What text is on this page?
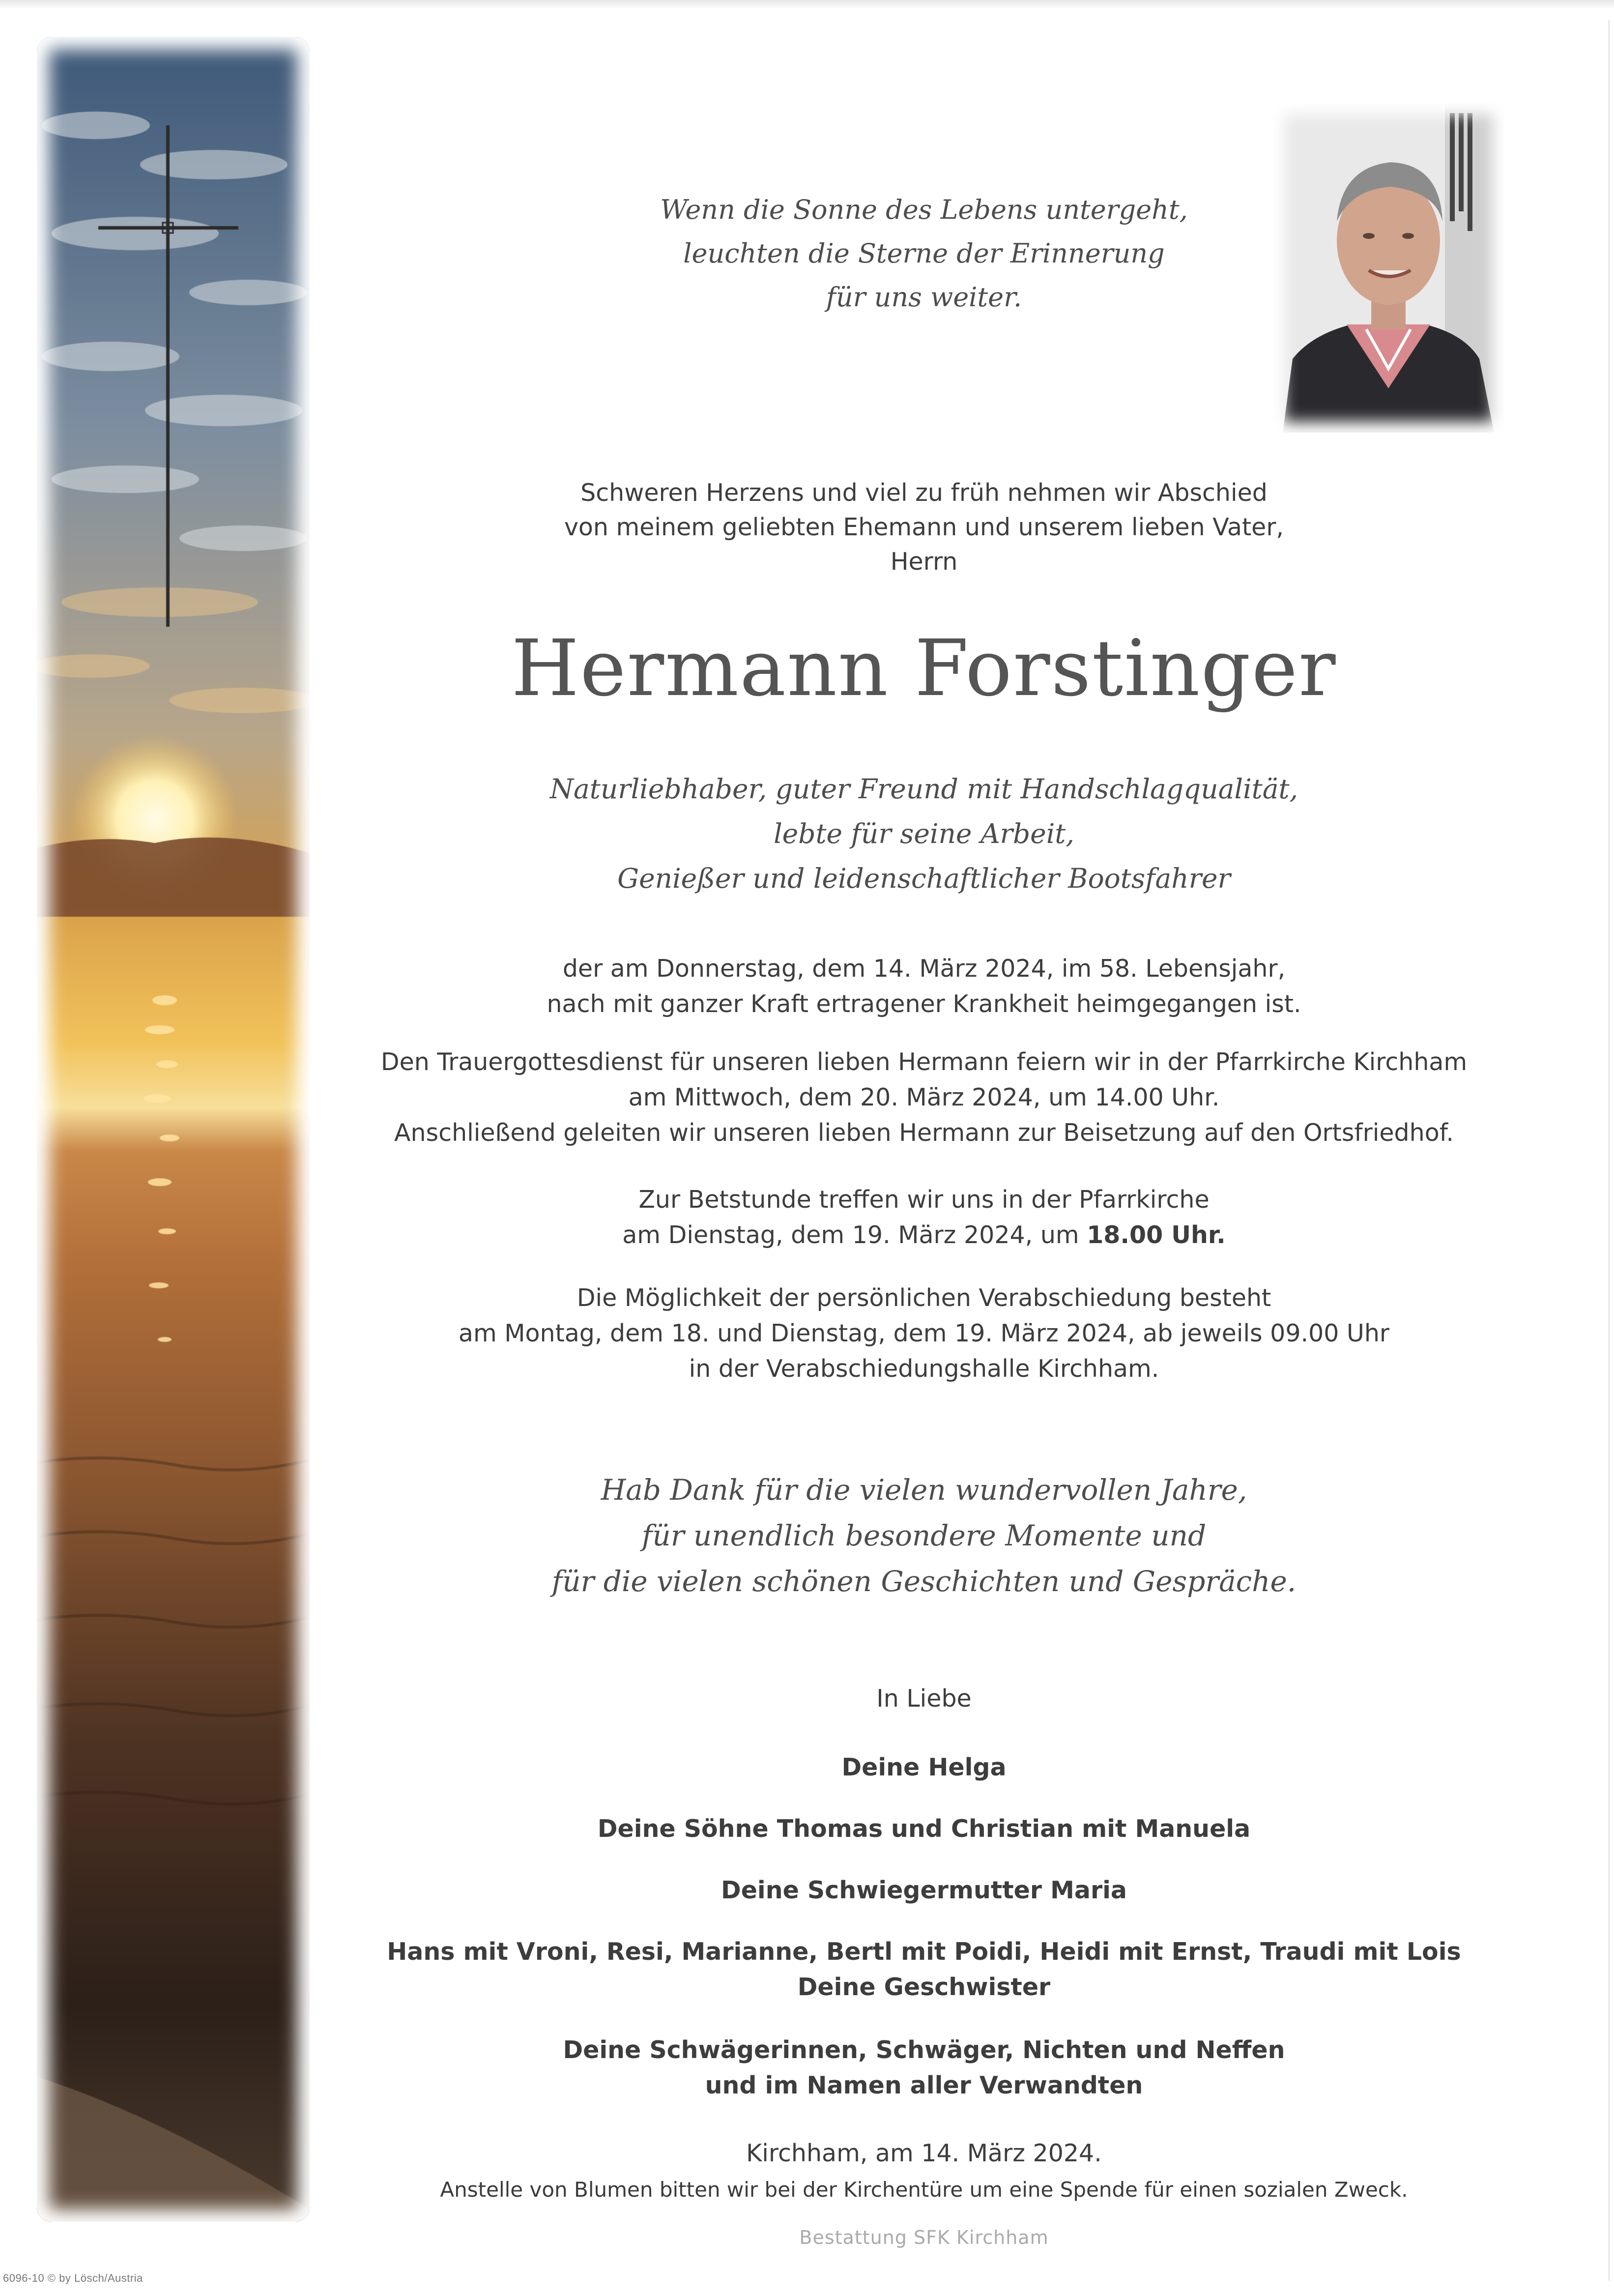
Wenn die Sonne des Lebens untergeht,
leuchten die Sterne der Erinnerung
für uns weiter.
Schweren Herzens und viel zu früh nehmen wir Abschied
von meinem geliebten Ehemann und unserem lieben Vater,
Herrn
Hermann Forstinger
Naturliebhaber, guter Freund mit Handschlagqualität,
lebte für seine Arbeit,
Genießer und leidenschaftlicher Bootsfahrer
der am Donnerstag, dem 14. März 2024, im 58. Lebensjahr,
nach mit ganzer Kraft ertragener Krankheit heimgegangen ist.
Den Trauergottesdienst für unseren lieben Hermann feiern wir in der Pfarrkirche Kirchham
am Mittwoch, dem 20. März 2024, um 14.00 Uhr.
Anschließend geleiten wir unseren lieben Hermann zur Beisetzung auf den Ortsfriedhof.
Zur Betstunde treffen wir uns in der Pfarrkirche
am Dienstag, dem 19. März 2024, um 18.00 Uhr.
Die Möglichkeit der persönlichen Verabschiedung besteht
am Montag, dem 18. und Dienstag, dem 19. März 2024, ab jeweils 09.00 Uhr
in der Verabschiedungshalle Kirchham.
Hab Dank für die vielen wundervollen Jahre,
für unendlich besondere Momente und
für die vielen schönen Geschichten und Gespräche.
In Liebe
Deine Helga
Deine Söhne Thomas und Christian mit Manuela
Deine Schwiegermutter Maria
Hans mit Vroni, Resi, Marianne, Bertl mit Poidi, Heidi mit Ernst, Traudi mit Lois
Deine Geschwister
Deine Schwägerinnen, Schwäger, Nichten und Neffen
und im Namen aller Verwandten
Kirchham, am 14. März 2024.
Anstelle von Blumen bitten wir bei der Kirchentüre um eine Spende für einen sozialen Zweck.
Bestattung SFK Kirchham
6096-10 © by Lösch/Austria
